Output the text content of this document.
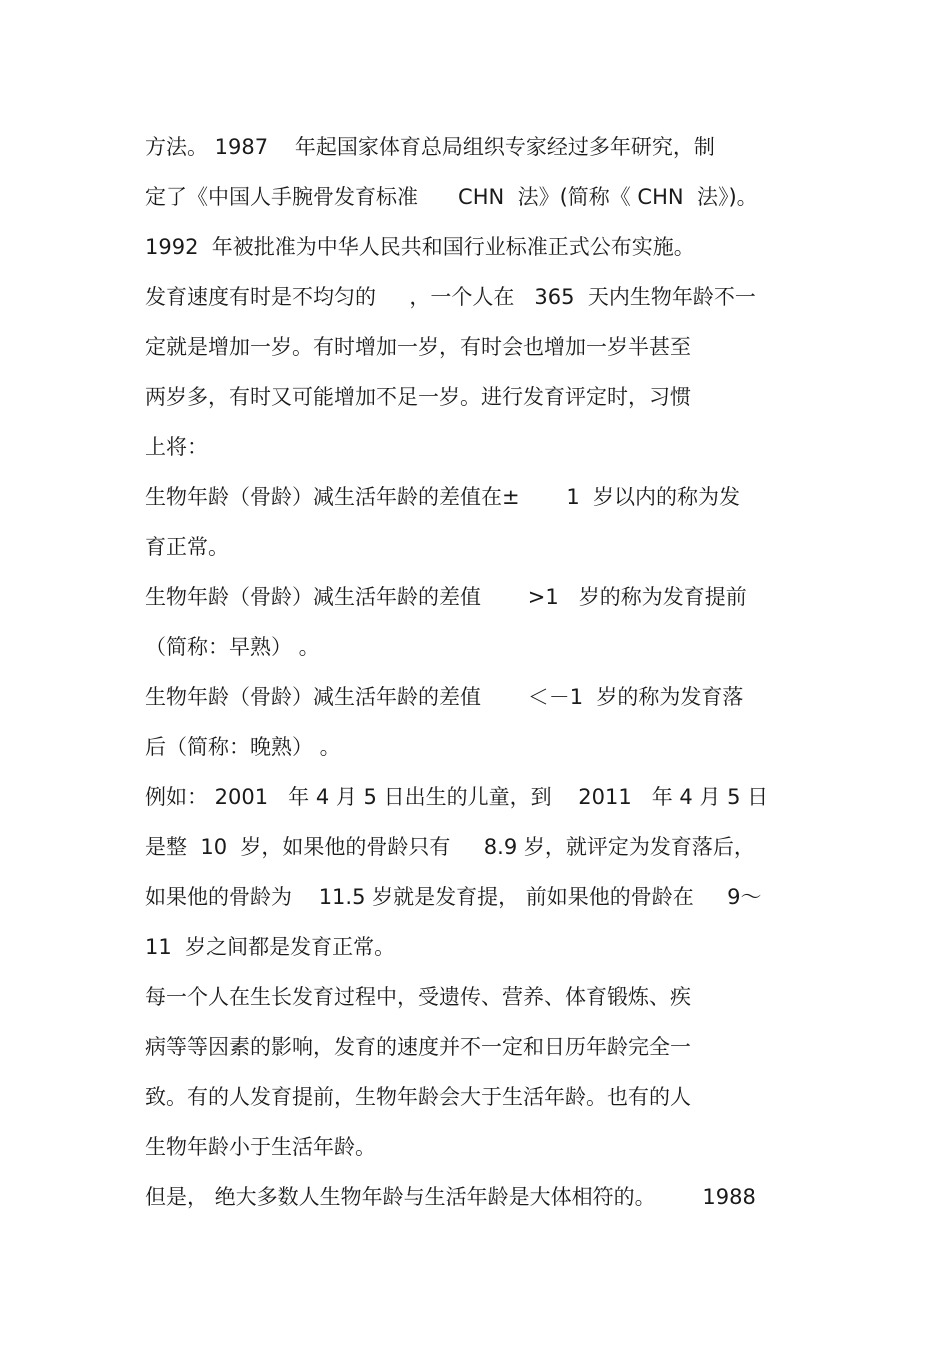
方法。 1987    年起国家体育总局组织专家经过多年研究，制

定了《中国人手腕骨发育标准      CHN  法》(简称《 CHN  法》)。

1992  年被批准为中华人民共和国行业标准正式公布实施。

发育速度有时是不均匀的     ，一个人在   365  天内生物年龄不一

定就是增加一岁。有时增加一岁，有时会也增加一岁半甚至

两岁多，有时又可能增加不足一岁。进行发育评定时，习惯

上将：

生物年龄（骨龄）减生活年龄的差值在±       1  岁以内的称为发

育正常。

生物年龄（骨龄）减生活年龄的差值       >1   岁的称为发育提前

（简称：早熟） 。

生物年龄（骨龄）减生活年龄的差值       ＜－1  岁的称为发育落

后（简称：晚熟） 。

例如： 2001   年 4 月 5 日出生的儿童，到    2011   年 4 月 5 日

是整  10  岁，如果他的骨龄只有     8.9 岁，就评定为发育落后，

如果他的骨龄为    11.5 岁就是发育提， 前如果他的骨龄在     9～

11  岁之间都是发育正常。

每一个人在生长发育过程中，受遗传、营养、体育锻炼、疾

病等等因素的影响，发育的速度并不一定和日历年龄完全一

致。有的人发育提前，生物年龄会大于生活年龄。也有的人

生物年龄小于生活年龄。

但是， 绝大多数人生物年龄与生活年龄是大体相符的。       1988
